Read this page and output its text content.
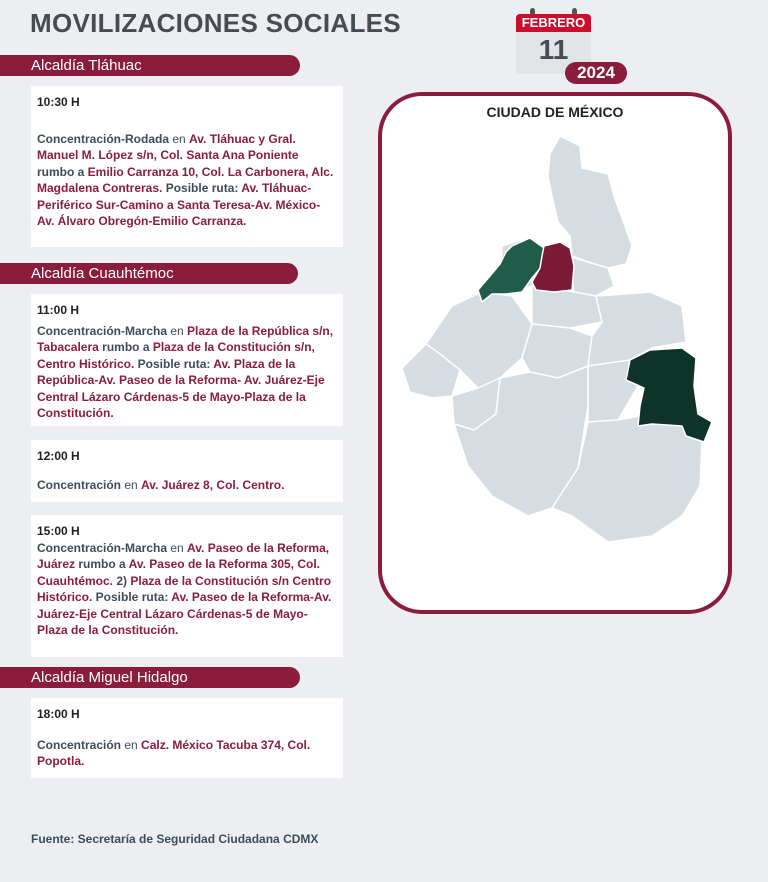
MOVILIZACIONES SOCIALES	FEBRERO
11
2024
Alcaldía Tláhuac
Alcaldía Cuauhtémoc
Alcaldía Miguel Hidalgo
10:30 H
Concentración-Rodada en Av. Tláhuac y Gral. Manuel M. López s/n, Col. Santa Ana Poniente rumbo a Emilio Carranza 10, Col. La Carbonera, Alc. Magdalena Contreras. Posible ruta: Av. Tláhuac-Periférico Sur-Camino a Santa Teresa-Av. México-Av. Álvaro Obregón-Emilio Carranza.
11:00 H
Concentración-Marcha en Plaza de la República s/n, Tabacalera rumbo a Plaza de la Constitución s/n, Centro Histórico. Posible ruta: Av. Plaza de la República-Av. Paseo de la Reforma- Av. Juárez-Eje Central Lázaro Cárdenas-5 de Mayo-Plaza de la Constitución.
12:00 H
Concentración en Av. Juárez 8, Col. Centro.
15:00 H
Concentración-Marcha en Av. Paseo de la Reforma, Juárez rumbo a Av. Paseo de la Reforma 305, Col. Cuauhtémoc. 2) Plaza de la Constitución s/n Centro Histórico. Posible ruta: Av. Paseo de la Reforma-Av. Juárez-Eje Central Lázaro Cárdenas-5 de Mayo-Plaza de la Constitución.
18:00 H
Concentración en Calz. México Tacuba 374, Col. Popotla.
CIUDAD DE MÉXICO
Fuente: Secretaría de Seguridad Ciudadana CDMX
